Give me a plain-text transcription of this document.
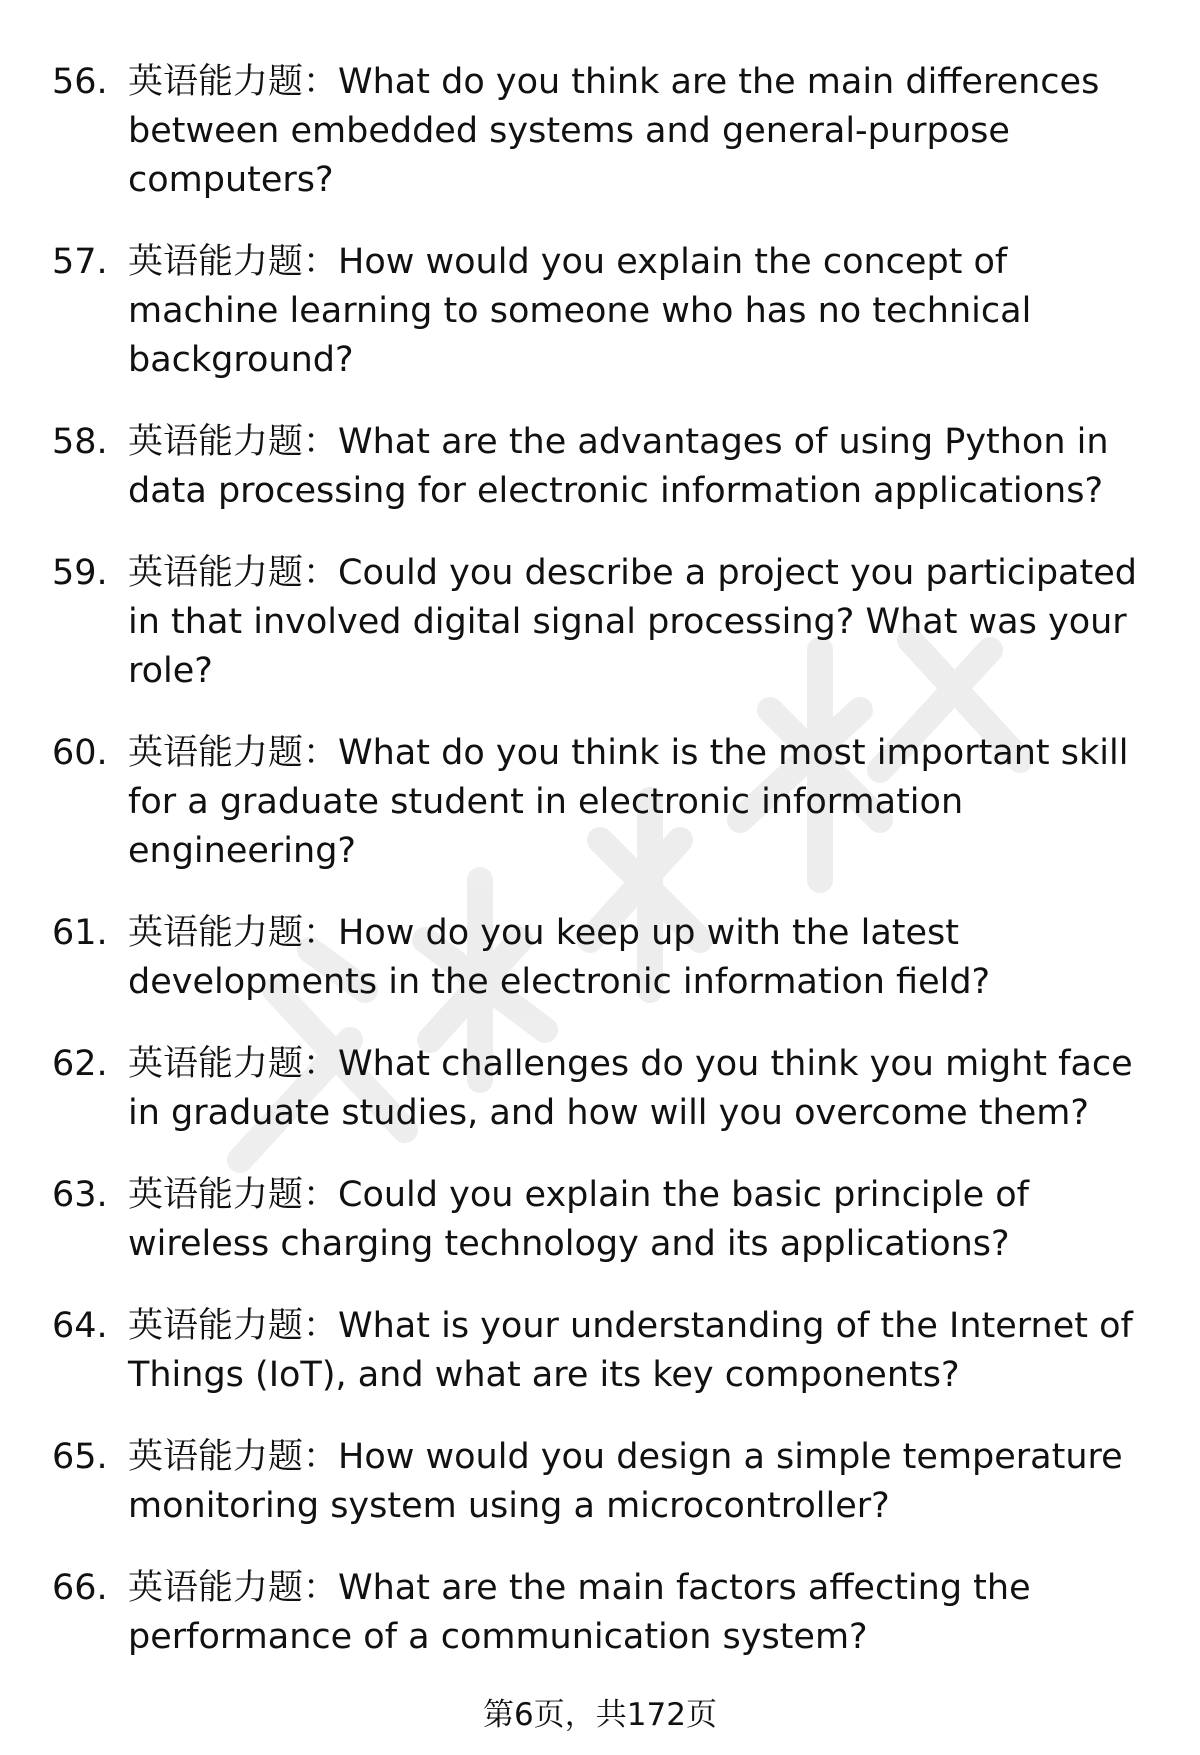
56. 英语能力题：What do you think are the main differences between embedded systems and general-purpose computers?
57. 英语能力题：How would you explain the concept of machine learning to someone who has no technical background?
58. 英语能力题：What are the advantages of using Python in data processing for electronic information applications?
59. 英语能力题：Could you describe a project you participated in that involved digital signal processing? What was your role?
60. 英语能力题：What do you think is the most important skill for a graduate student in electronic information engineering?
61. 英语能力题：How do you keep up with the latest developments in the electronic information field?
62. 英语能力题：What challenges do you think you might face in graduate studies, and how will you overcome them?
63. 英语能力题：Could you explain the basic principle of wireless charging technology and its applications?
64. 英语能力题：What is your understanding of the Internet of Things (IoT), and what are its key components?
65. 英语能力题：How would you design a simple temperature monitoring system using a microcontroller?
66. 英语能力题：What are the main factors affecting the performance of a communication system?
第6页，共172页
